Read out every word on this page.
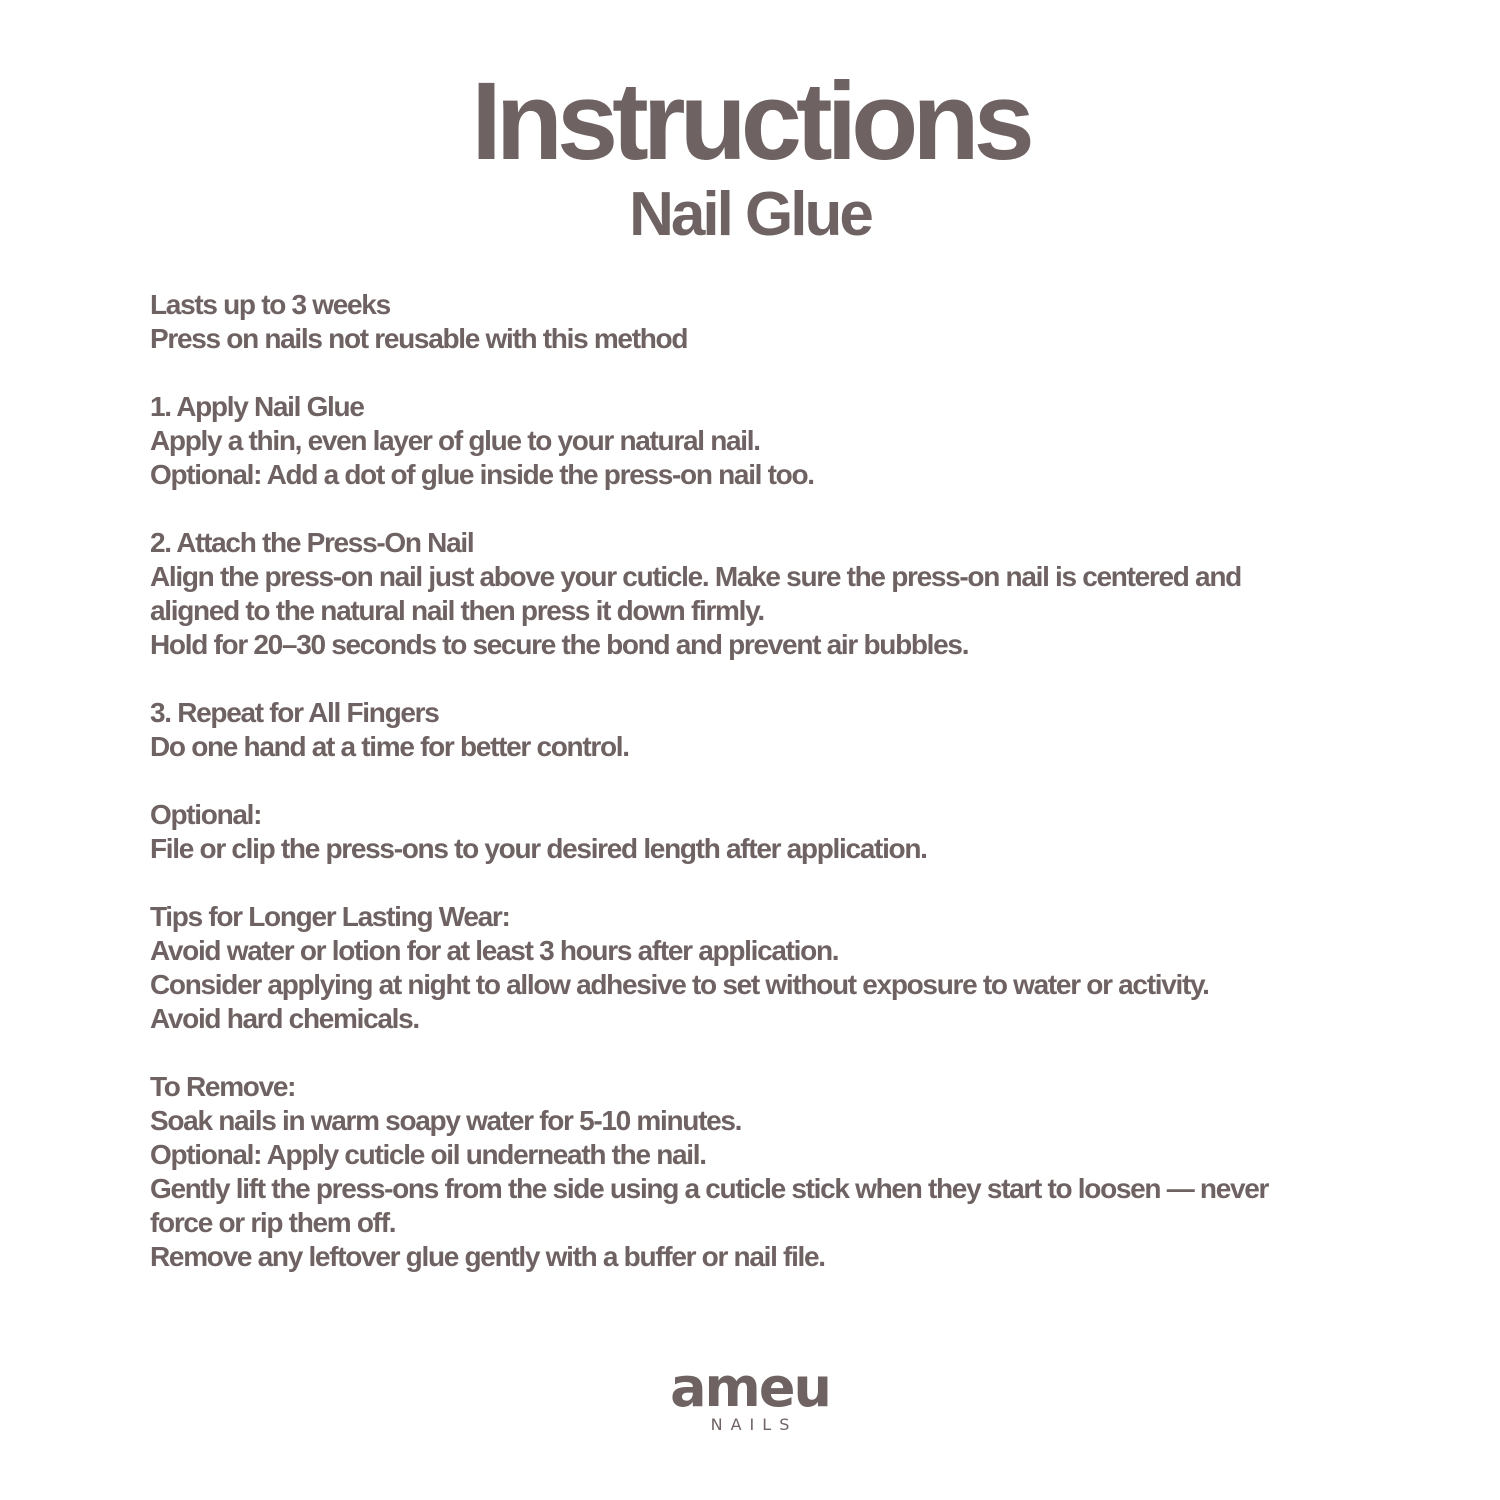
Instructions
Nail Glue
Lasts up to 3 weeks
Press on nails not reusable with this method
1. Apply Nail Glue
Apply a thin, even layer of glue to your natural nail.
Optional: Add a dot of glue inside the press-on nail too.
2. Attach the Press-On Nail
Align the press-on nail just above your cuticle. Make sure the press-on nail is centered and
aligned to the natural nail then press it down firmly.
Hold for 20–30 seconds to secure the bond and prevent air bubbles.
3. Repeat for All Fingers
Do one hand at a time for better control.
Optional:
File or clip the press-ons to your desired length after application.
Tips for Longer Lasting Wear:
Avoid water or lotion for at least 3 hours after application.
Consider applying at night to allow adhesive to set without exposure to water or activity.
Avoid hard chemicals.
To Remove:
Soak nails in warm soapy water for 5-10 minutes.
Optional: Apply cuticle oil underneath the nail.
Gently lift the press-ons from the side using a cuticle stick when they start to loosen — never
force or rip them off.
Remove any leftover glue gently with a buffer or nail file.
ameu
NAILS
